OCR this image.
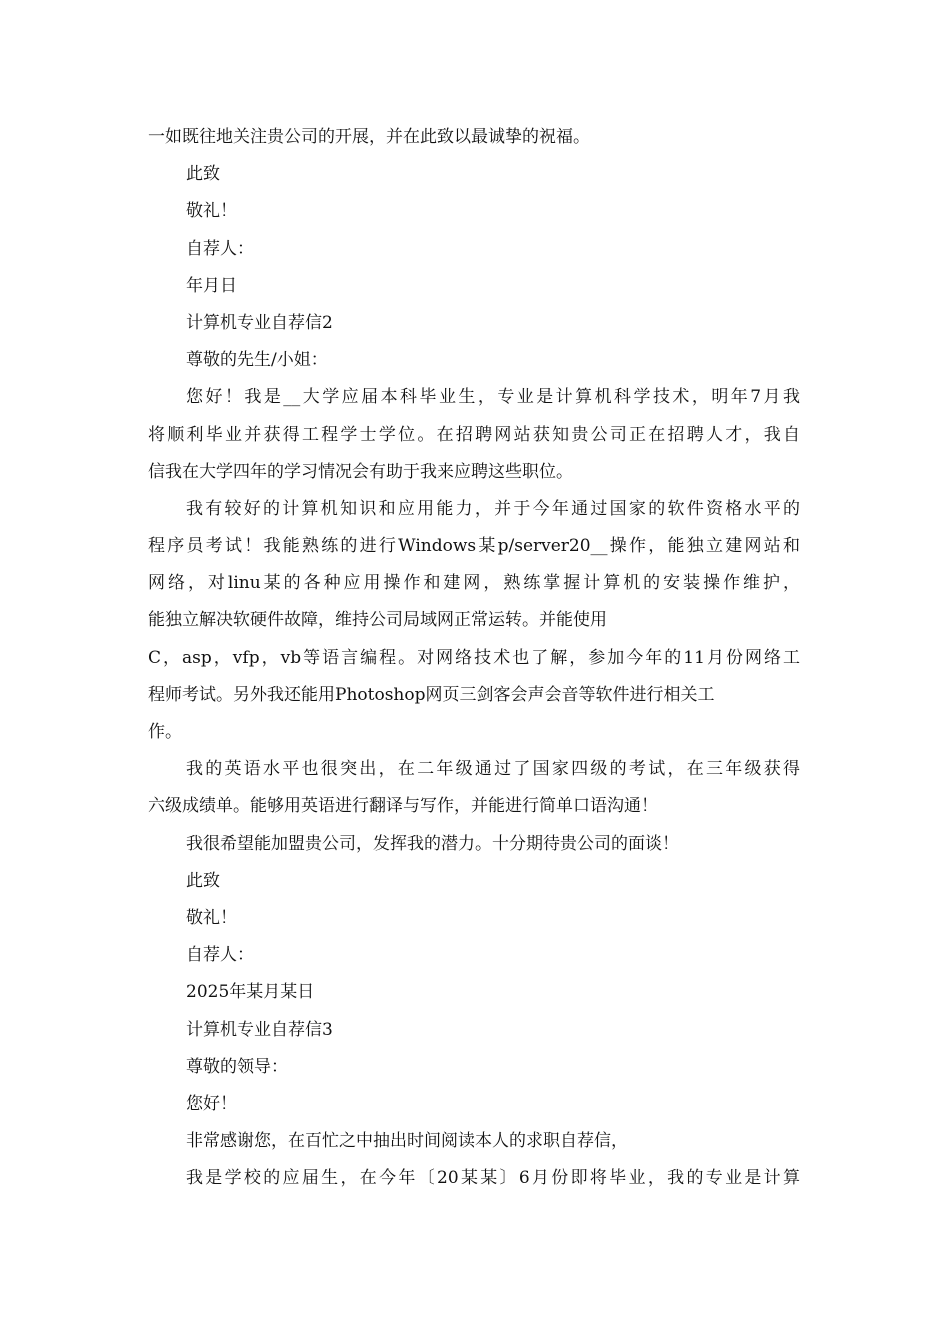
一如既往地关注贵公司的开展，并在此致以最诚挚的祝福。
此致
敬礼！
自荐人：
年月日
计算机专业自荐信2
尊敬的先生/小姐：
您好！我是__大学应届本科毕业生，专业是计算机科学技术，明年7月我
将顺利毕业并获得工程学士学位。在招聘网站获知贵公司正在招聘人才，我自
信我在大学四年的学习情况会有助于我来应聘这些职位。
我有较好的计算机知识和应用能力，并于今年通过国家的软件资格水平的
程序员考试！我能熟练的进行Windows某p/server20__操作，能独立建网站和
网络，对linu某的各种应用操作和建网，熟练掌握计算机的安装操作维护，
能独立解决软硬件故障，维持公司局域网正常运转。并能使用
C，asp，vfp，vb等语言编程。对网络技术也了解，参加今年的11月份网络工
程师考试。另外我还能用Photoshop网页三剑客会声会音等软件进行相关工
作。
我的英语水平也很突出，在二年级通过了国家四级的考试，在三年级获得
六级成绩单。能够用英语进行翻译与写作，并能进行简单口语沟通！
我很希望能加盟贵公司，发挥我的潜力。十分期待贵公司的面谈！
此致
敬礼！
自荐人：
2025年某月某日
计算机专业自荐信3
尊敬的领导：
您好！
非常感谢您，在百忙之中抽出时间阅读本人的求职自荐信，
我是学校的应届生，在今年〔20某某〕6月份即将毕业，我的专业是计算
